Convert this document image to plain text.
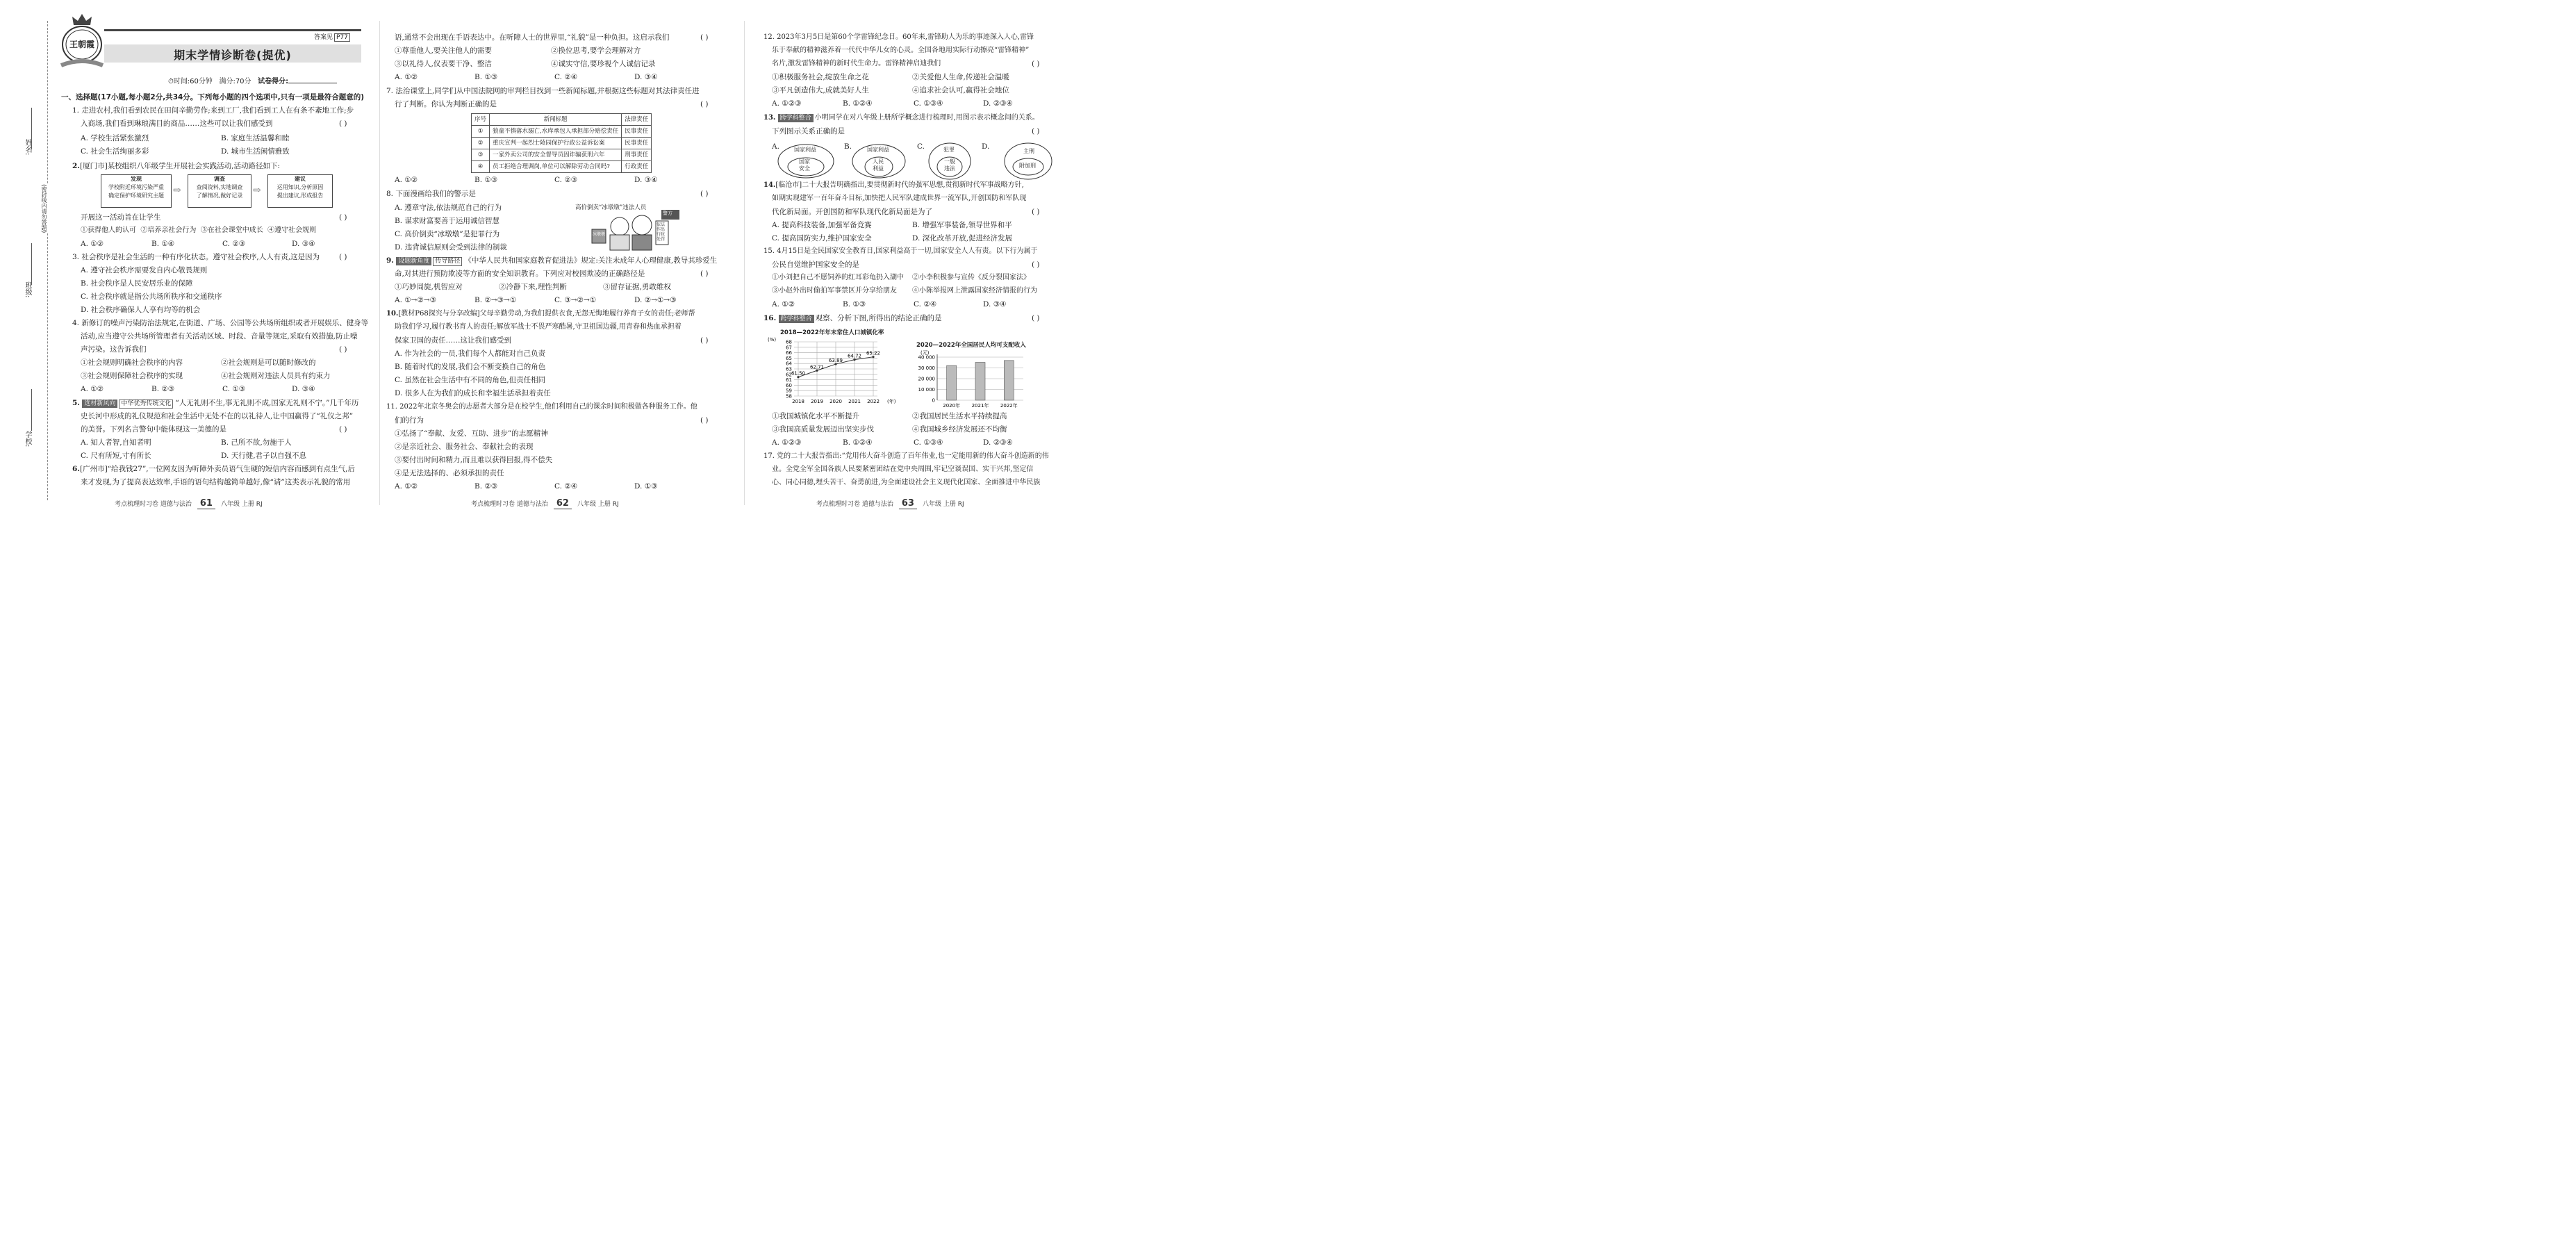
姓名:
班级:
学校:
(密封线内请勿答题)
王朝霞
答案见 P77
期末学情诊断卷(提优)
⏱时间:60分钟 满分:70分 试卷得分:
一、选择题(17小题,每小题2分,共34分。下列每小题的四个选项中,只有一项是最符合题意的)
1. 走进农村,我们看到农民在田间辛勤劳作;来到工厂,我们看到工人在有条不紊地工作;步
入商场,我们看到琳琅满目的商品……这些可以让我们感受到	( )
A. 学校生活紧张激烈	B. 家庭生活温馨和睦
C. 社会生活绚丽多彩	D. 城市生活闲情雅致
2.[厦门市]某校组织八年级学生开展社会实践活动,活动路径如下:
发现
学校附近环境污染严重
确定保护环境研究主题 ⇨
调查
查阅资料,实地调查
了解情况,做好记录	⇨
建议
运用知识,分析原因
提出建议,形成报告
开展这一活动旨在让学生	( )
①获得他人的认可 ②培养亲社会行为 ③在社会课堂中成长 ④遵守社会规则
A. ①②	B. ①④	C. ②③	D. ③④
3. 社会秩序是社会生活的一种有序化状态。遵守社会秩序,人人有责,这是因为	( )
A. 遵守社会秩序需要发自内心敬畏规则
B. 社会秩序是人民安居乐业的保障
C. 社会秩序就是指公共场所秩序和交通秩序
D. 社会秩序确保人人享有均等的机会
4. 新修订的噪声污染防治法规定,在街道、广场、公园等公共场所组织或者开展娱乐、健身等
活动,应当遵守公共场所管理者有关活动区域、时段、音量等规定,采取有效措施,防止噪
声污染。这告诉我们	( )
①社会规则明确社会秩序的内容	②社会规则是可以随时修改的
③社会规则保障社会秩序的实现	④社会规则对违法人员具有约束力
A. ①②	B. ②③	C. ①③	D. ③④
5. 选材新风向 中华优秀传统文化 “人无礼则不生,事无礼则不成,国家无礼则不宁。”几千年历
史长河中形成的礼仪规范和社会生活中无处不在的以礼待人,让中国赢得了“礼仪之邦”
的美誉。下列名言警句中能体现这一美德的是	( )
A. 知人者智,自知者明	B. 己所不欲,勿施于人
C. 尺有所短,寸有所长	D. 天行健,君子以自强不息
6.[广州市]“给我钱27”,一位网友因为听障外卖员语气生硬的短信内容而感到有点生气,后
来才发现,为了提高表达效率,手语的语句结构越简单越好,像“请”这类表示礼貌的常用
考点梳理时习卷 道德与法治 61 八年级 上册 RJ
语,通常不会出现在手语表达中。在听障人士的世界里,“礼貌”是一种负担。这启示我们	( )
①尊重他人,要关注他人的需要	②换位思考,要学会理解对方
③以礼待人,仪表要干净、整洁	④诚实守信,要珍视个人诚信记录
A. ①②	B. ①③	C. ②④	D. ③④
7. 法治课堂上,同学们从中国法院网的审判栏目找到一些新闻标题,并根据这些标题对其法律责任进
行了判断。你认为判断正确的是	( )
序号	新闻标题	法律责任
①	狼童不慎落水溺亡,水库承包人承担部分赔偿责任	民事责任
②	重庆宣判一起烈士陵园保护行政公益诉讼案	民事责任
③	一家外卖公司的安全督导员因诈骗获刑六年	刑事责任
④	员工拒绝合理调岗,单位可以解除劳动合同吗?	行政责任
A. ①②	B. ①③	C. ②③	D. ③④
8. 下面漫画给我们的警示是	( )
A. 遵章守法,依法规范自己的行为
B. 谋求财富要善于运用诚信智慧
C. 高价倒卖“冰墩墩”是犯罪行为
D. 违背诚信原则会受到法律的制裁
高价倒卖“冰墩墩”违法人员
警方
依法作出行政处罚
冰墩墩
9. 设题新角度 传导路径 《中华人民共和国家庭教育促进法》规定:关注未成年人心理健康,教导其珍爱生
命,对其进行预防欺凌等方面的安全知识教育。下列应对校园欺凌的正确路径是	( )
①巧妙周旋,机智应对	②冷静下来,理性判断	③留存证据,勇敢维权
A. ①→②→③	B. ②→③→①	C. ③→②→①	D. ②→①→③
10.[教材P68探究与分享改编]父母辛勤劳动,为我们提供衣食,无怨无悔地履行养育子女的责任;老师帮
助我们学习,履行教书育人的责任;解放军战士不畏严寒酷暑,守卫祖国边疆,用青春和热血承担着
保家卫国的责任……这让我们感受到	( )
A. 作为社会的一员,我们每个人都能对自己负责
B. 随着时代的发展,我们会不断变换自己的角色
C. 虽然在社会生活中有不同的角色,但责任相同
D. 很多人在为我们的成长和幸福生活承担着责任
11. 2022年北京冬奥会的志愿者大部分是在校学生,他们利用自己的课余时间积极做各种服务工作。他
们的行为	( )
①弘扬了“奉献、友爱、互助、进步”的志愿精神
②是亲近社会、服务社会、奉献社会的表现
③要付出时间和精力,而且难以获得回报,得不偿失
④是无法选择的、必须承担的责任
A. ①②	B. ②③	C. ②④	D. ①③
考点梳理时习卷 道德与法治 62 八年级 上册 RJ
12. 2023年3月5日是第60个学雷锋纪念日。60年来,雷锋助人为乐的事迹深入人心,雷锋
乐于奉献的精神滋养着一代代中华儿女的心灵。全国各地用实际行动擦亮“雷锋精神”
名片,激发雷锋精神的新时代生命力。雷锋精神启迪我们	( )
①积极服务社会,绽放生命之花	②关爱他人生命,传递社会温暖
③平凡创造伟大,成就美好人生	④追求社会认可,赢得社会地位
A. ①②③	B. ①②④	C. ①③④	D. ②③④
13. 跨学科整合 小明同学在对八年级上册所学概念进行梳理时,用图示表示概念间的关系。
下列图示关系正确的是	( )
A.	国家利益
国家安全
B.	国家利益
人民利益
C.	犯罪
一般违法
D.
主刑
附加刑
14.[临沧市]二十大报告明确指出,要贯彻新时代的强军思想,贯彻新时代军事战略方针,
如期实现建军一百年奋斗目标,加快把人民军队建成世界一流军队,开创国防和军队现
代化新局面。开创国防和军队现代化新局面是为了	( )
A. 提高科技装备,加强军备竞赛	B. 增强军事装备,领导世界和平
C. 提高国防实力,维护国家安全	D. 深化改革开放,促进经济发展
15. 4月15日是全民国家安全教育日,国家利益高于一切,国家安全人人有责。以下行为属于
公民自觉维护国家安全的是	( )
①小刘把自己不愿饲养的红耳彩龟扔入湖中 ②小李积极参与宣传《反分裂国家法》
③小赵外出时偷拍军事禁区并分享给朋友 ④小陈举报网上泄露国家经济情报的行为
A. ①②	B. ①③	C. ②④	D. ③④
16. 跨学科整合 观察、分析下图,所得出的结论正确的是	( )
2018—2022年年末常住人口城镇化率
(%)
58
59
60
61
62
63
64
65
66
67
68
2018 2019 2020 2021 2022 (年)
61.50
62.71
63.89
64.72 65.22
2020—2022年全国居民人均可支配收入
(元)
0
10 000
20 000
30 000
40 000
2020年 2021年 2022年
①我国城镇化水平不断提升	②我国居民生活水平持续提高
③我国高质量发展迈出坚实步伐	④我国城乡经济发展还不均衡
A. ①②③	B. ①②④	C. ①③④	D. ②③④
17. 党的二十大报告指出:“党用伟大奋斗创造了百年伟业,也一定能用新的伟大奋斗创造新的伟
业。全党全军全国各族人民要紧密团结在党中央周围,牢记空谈误国、实干兴邦,坚定信
心、同心同德,埋头苦干、奋勇前进,为全面建设社会主义现代化国家、全面推进中华民族
考点梳理时习卷 道德与法治 63 八年级 上册 RJ
